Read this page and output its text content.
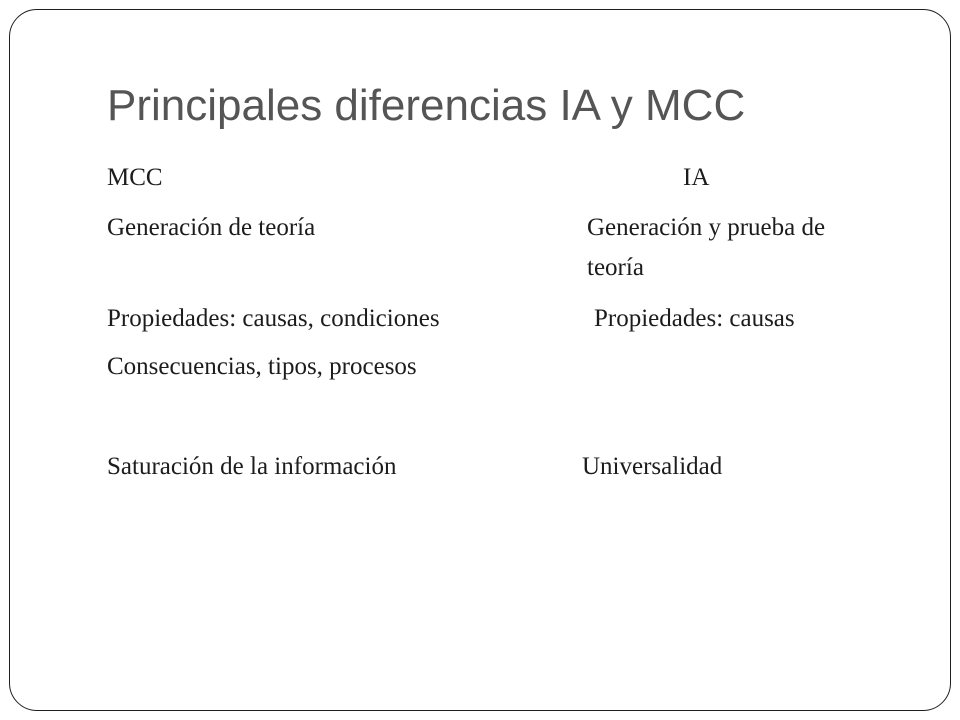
Principales diferencias IA y MCC
MCC	IA
Generación de teoría	Generación y prueba de
teoría
Propiedades: causas, condiciones	Propiedades: causas
Consecuencias, tipos, procesos
Saturación de la información	Universalidad
